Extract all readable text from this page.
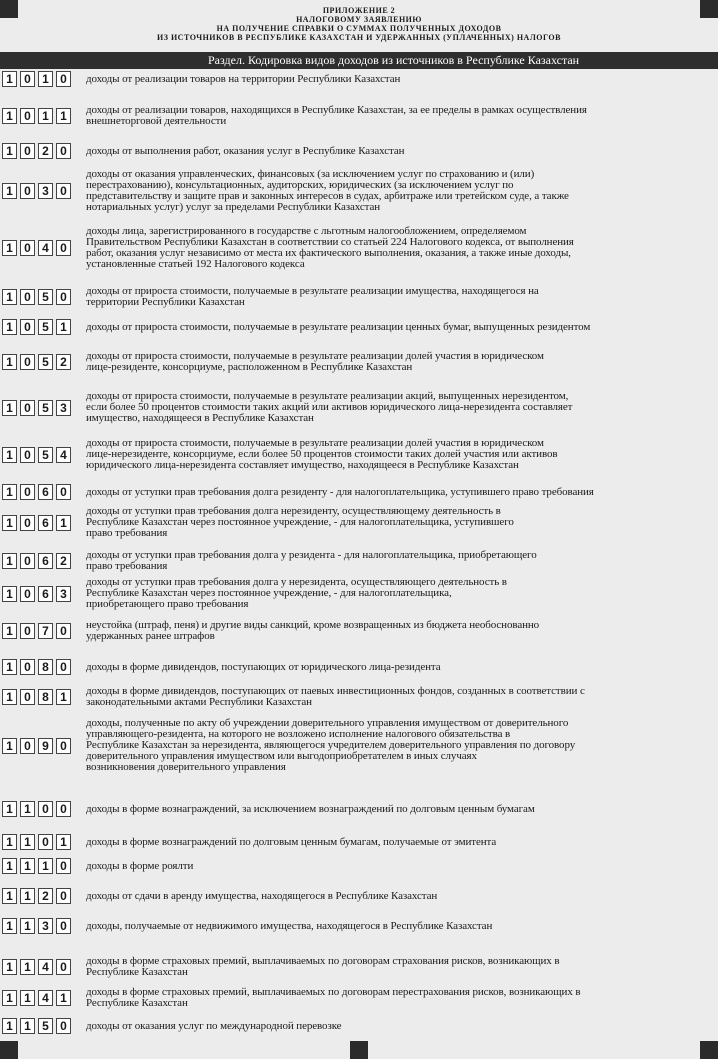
ПРИЛОЖЕНИЕ 2
НАЛОГОВОМУ ЗАЯВЛЕНИЮ
НА ПОЛУЧЕНИЕ СПРАВКИ О СУММАХ ПОЛУЧЕННЫХ ДОХОДОВ
ИЗ ИСТОЧНИКОВ В РЕСПУБЛИКЕ КАЗАХСТАН И УДЕРЖАННЫХ (УПЛАЧЕННЫХ) НАЛОГОВ
Раздел. Кодировка видов доходов из источников в Республике Казахстан
1 0 1 0	доходы от реализации товаров на территории Республики Казахстан
1 0 1 1	доходы от реализации товаров, находящихся в Республике Казахстан, за ее пределы в рамках осуществления
внешнеторговой деятельности
1 0 2 0	доходы от выполнения работ, оказания услуг в Республике Казахстан
1 0 3 0
доходы от оказания управленческих, финансовых (за исключением услуг по страхованию и (или)
перестрахованию), консультационных, аудиторских, юридических (за исключением услуг по
представительству и защите прав и законных интересов в судах, арбитраже или третейском суде, а также
нотариальных услуг) услуг за пределами Республики Казахстан
1 0 4 0
доходы лица, зарегистрированного в государстве с льготным налогообложением, определяемом
Правительством Республики Казахстан в соответствии со статьей 224 Налогового кодекса, от выполнения
работ, оказания услуг независимо от места их фактического выполнения, оказания, а также иные доходы,
установленные статьей 192 Налогового кодекса
1 0 5 0	доходы от прироста стоимости, получаемые в результате реализации имущества, находящегося на
территории Республики Казахстан
1 0 5 1	доходы от прироста стоимости, получаемые в результате реализации ценных бумаг, выпущенных резидентом
1 0 5 2	доходы от прироста стоимости, получаемые в результате реализации долей участия в юридическом
лице-резиденте, консорциуме, расположенном в Республике Казахстан
1 0 5 3
доходы от прироста стоимости, получаемые в результате реализации акций, выпущенных нерезидентом,
если более 50 процентов стоимости таких акций или активов юридического лица-нерезидента составляет
имущество, находящееся в Республике Казахстан
1 0 5 4
доходы от прироста стоимости, получаемые в результате реализации долей участия в юридическом
лице-нерезиденте, консорциуме, если более 50 процентов стоимости таких долей участия или активов
юридического лица-нерезидента составляет имущество, находящееся в Республике Казахстан
1 0 6 0	доходы от уступки прав требования долга резиденту - для налогоплательщика, уступившего право требования
1 0 6 1
доходы от уступки прав требования долга нерезиденту, осуществляющему деятельность в
Республике Казахстан через постоянное учреждение, - для налогоплательщика, уступившего
право требования
1 0 6 2	доходы от уступки прав требования долга у резидента - для налогоплательщика, приобретающего
право требования
1 0 6 3
доходы от уступки прав требования долга у нерезидента, осуществляющего деятельность в
Республике Казахстан через постоянное учреждение, - для налогоплательщика,
приобретающего право требования
1 0 7 0	неустойка (штраф, пеня) и другие виды санкций, кроме возвращенных из бюджета необоснованно
удержанных ранее штрафов
1 0 8 0	доходы в форме дивидендов, поступающих от юридического лица-резидента
1 0 8 1	доходы в форме дивидендов, поступающих от паевых инвестиционных фондов, созданных в соответствии с
законодательными актами Республики Казахстан
1 0 9 0
доходы, полученные по акту об учреждении доверительного управления имуществом от доверительного
управляющего-резидента, на которого не возложено исполнение налогового обязательства в
Республике Казахстан за нерезидента, являющегося учредителем доверительного управления по договору
доверительного управления имуществом или выгодоприобретателем в иных случаях
возникновения доверительного управления
1 1 0 0	доходы в форме вознаграждений, за исключением вознаграждений по долговым ценным бумагам
1 1 0 1	доходы в форме вознаграждений по долговым ценным бумагам, получаемые от эмитента
1 1 1 0	доходы в форме роялти
1 1 2 0	доходы от сдачи в аренду имущества, находящегося в Республике Казахстан
1 1 3 0	доходы, получаемые от недвижимого имущества, находящегося в Республике Казахстан
1 1 4 0	доходы в форме страховых премий, выплачиваемых по договорам страхования рисков, возникающих в
Республике Казахстан
1 1 4 1	доходы в форме страховых премий, выплачиваемых по договорам перестрахования рисков, возникающих в
Республике Казахстан
1 1 5 0	доходы от оказания услуг по международной перевозке
